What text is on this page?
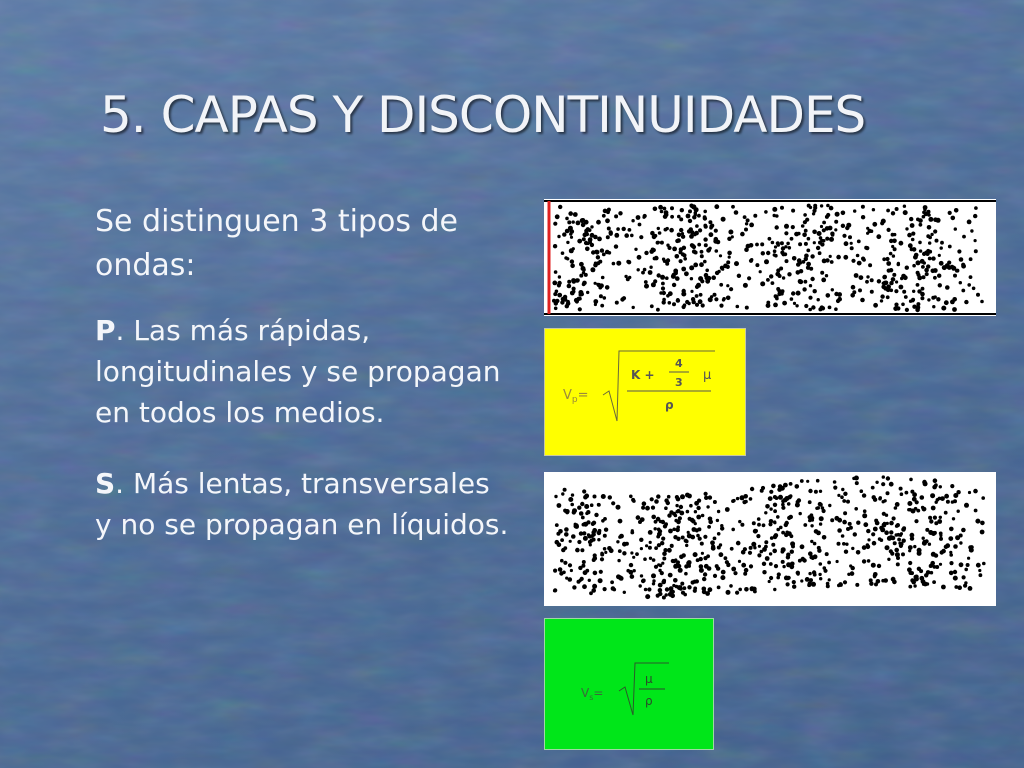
5. CAPAS Y DISCONTINUIDADES

Se distinguen 3 tipos de ondas:

P. Las más rápidas, longitudinales y se propagan en todos los medios.

S. Más lentas, transversales y no se propagan en líquidos.

$V_p=$
K +
4
3 μ
ρ
$V_s=$
μ
ρ
